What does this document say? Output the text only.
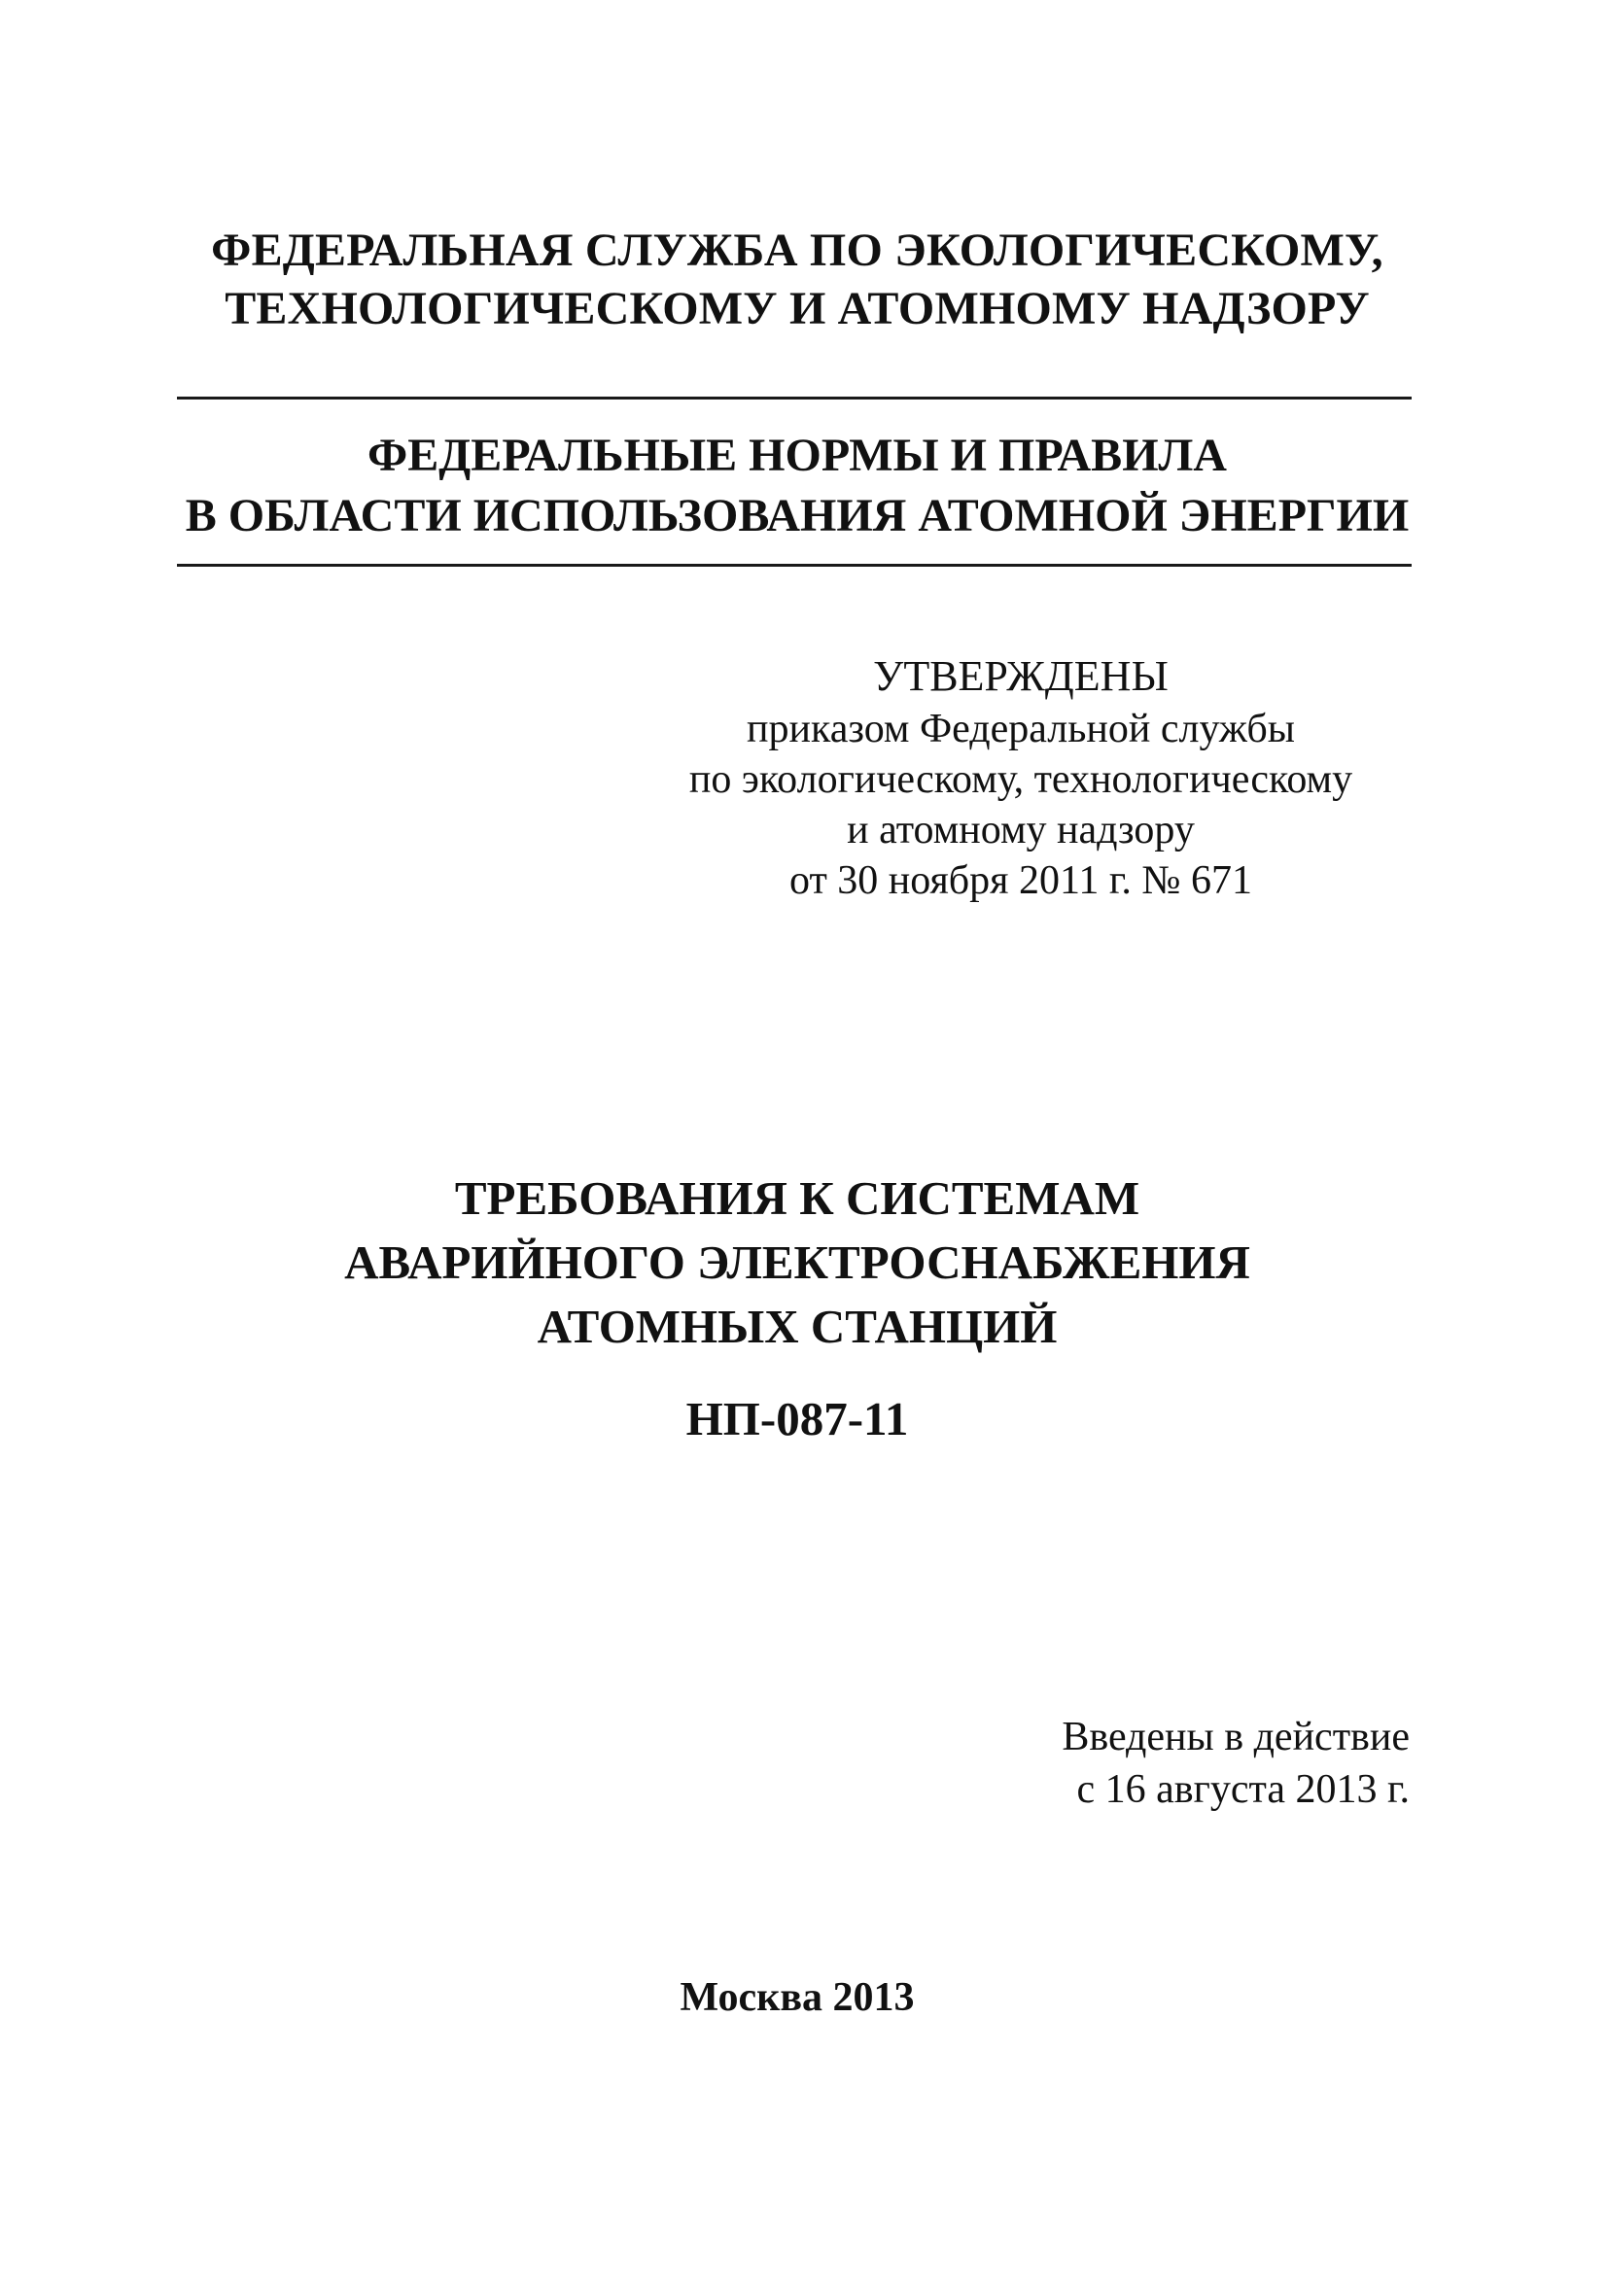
ФЕДЕРАЛЬНАЯ СЛУЖБА ПО ЭКОЛОГИЧЕСКОМУ,
ТЕХНОЛОГИЧЕСКОМУ И АТОМНОМУ НАДЗОРУ
ФЕДЕРАЛЬНЫЕ НОРМЫ И ПРАВИЛА
В ОБЛАСТИ ИСПОЛЬЗОВАНИЯ АТОМНОЙ ЭНЕРГИИ
УТВЕРЖДЕНЫ
приказом Федеральной службы
по экологическому, технологическому
и атомному надзору
от 30 ноября 2011 г. № 671
ТРЕБОВАНИЯ К СИСТЕМАМ
АВАРИЙНОГО ЭЛЕКТРОСНАБЖЕНИЯ
АТОМНЫХ СТАНЦИЙ
НП-087-11
Введены в действие
с 16 августа 2013 г.
Москва 2013
